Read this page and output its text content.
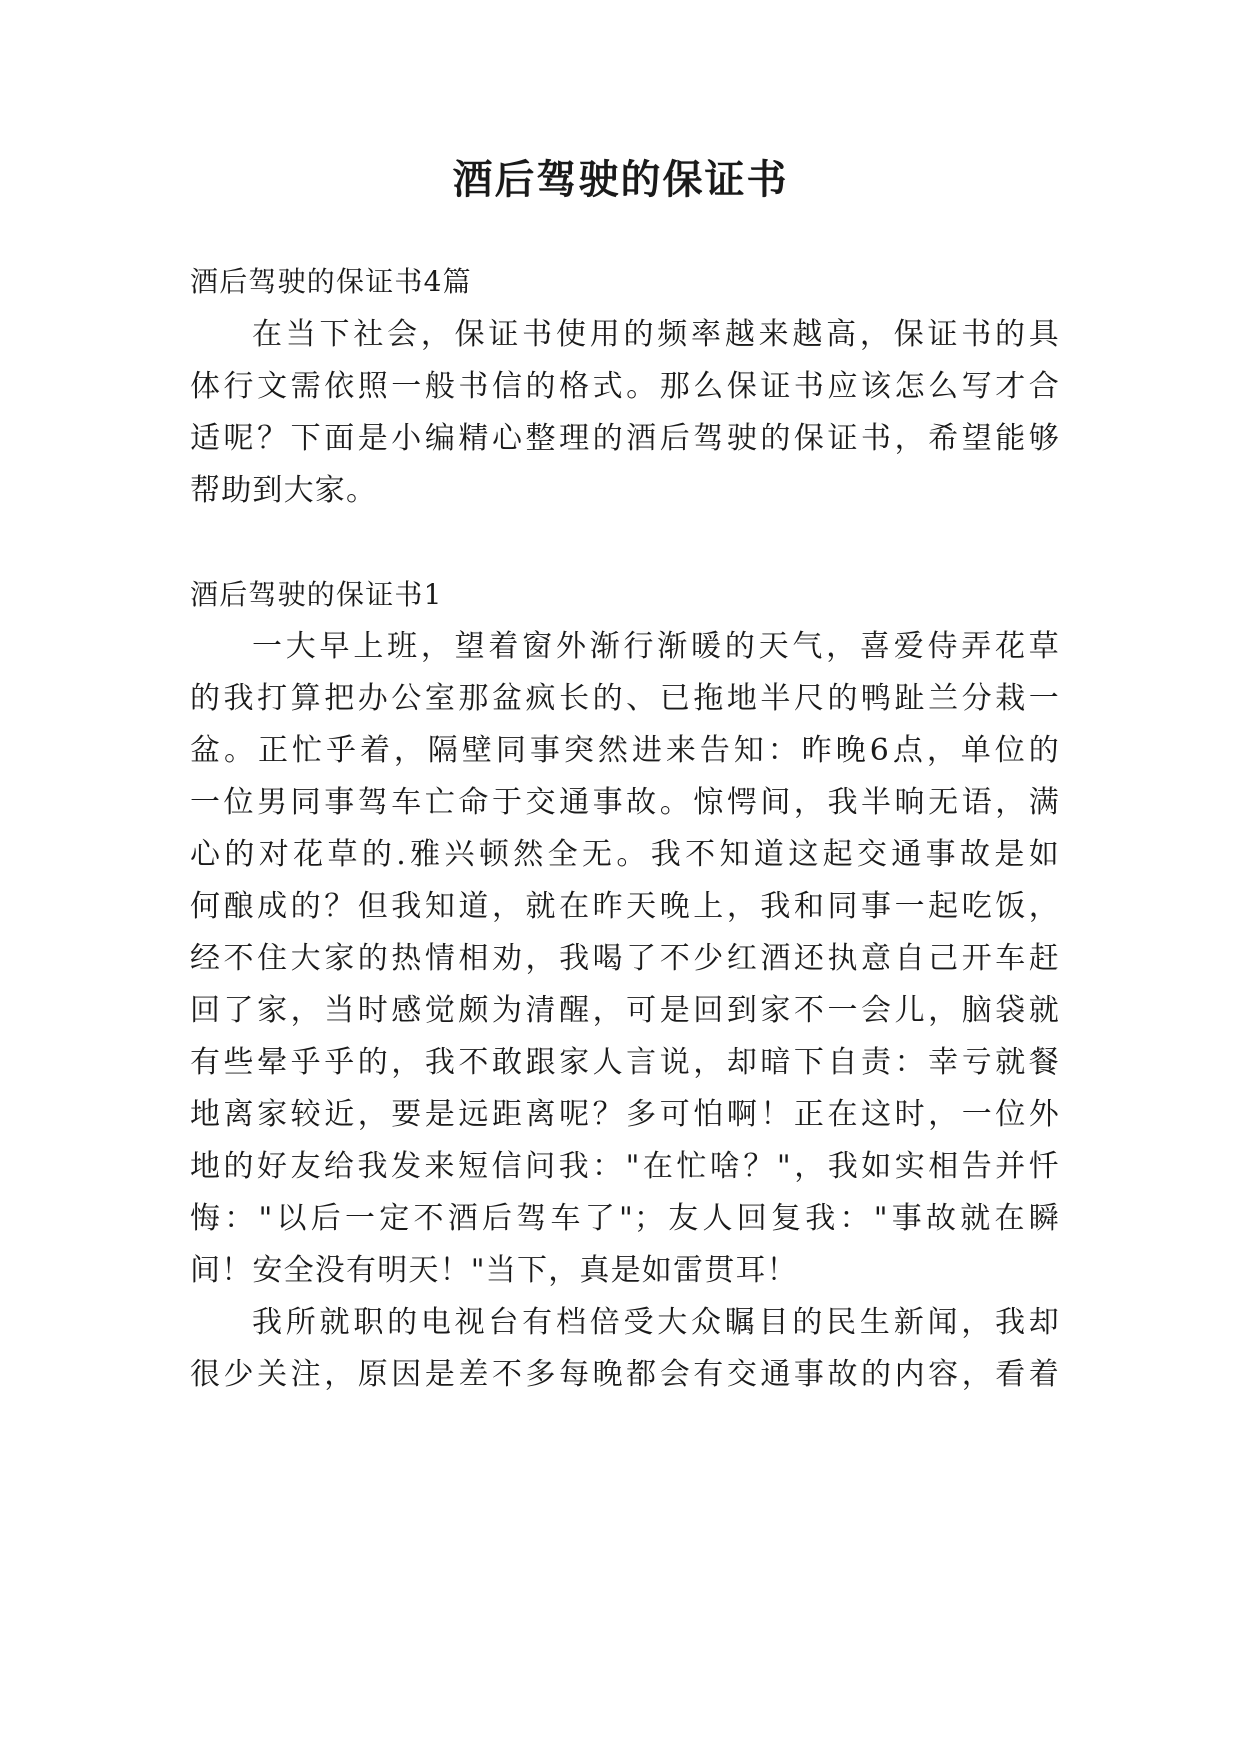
酒后驾驶的保证书

酒后驾驶的保证书4篇

在当下社会，保证书使用的频率越来越高，保证书的具

体行文需依照一般书信的格式。那么保证书应该怎么写才合

适呢？下面是小编精心整理的酒后驾驶的保证书，希望能够

帮助到大家。

酒后驾驶的保证书1

一大早上班，望着窗外渐行渐暖的天气，喜爱侍弄花草

的我打算把办公室那盆疯长的、已拖地半尺的鸭趾兰分栽一

盆。正忙乎着，隔壁同事突然进来告知：昨晚6点，单位的

一位男同事驾车亡命于交通事故。惊愕间，我半晌无语，满

心的对花草的.雅兴顿然全无。我不知道这起交通事故是如

何酿成的？但我知道，就在昨天晚上，我和同事一起吃饭，

经不住大家的热情相劝，我喝了不少红酒还执意自己开车赶

回了家，当时感觉颇为清醒，可是回到家不一会儿，脑袋就

有些晕乎乎的，我不敢跟家人言说，却暗下自责：幸亏就餐

地离家较近，要是远距离呢？多可怕啊！正在这时，一位外

地的好友给我发来短信问我："在忙啥？"，我如实相告并忏

悔："以后一定不酒后驾车了"；友人回复我："事故就在瞬

间！安全没有明天！"当下，真是如雷贯耳！

我所就职的电视台有档倍受大众瞩目的民生新闻，我却

很少关注，原因是差不多每晚都会有交通事故的内容，看着
